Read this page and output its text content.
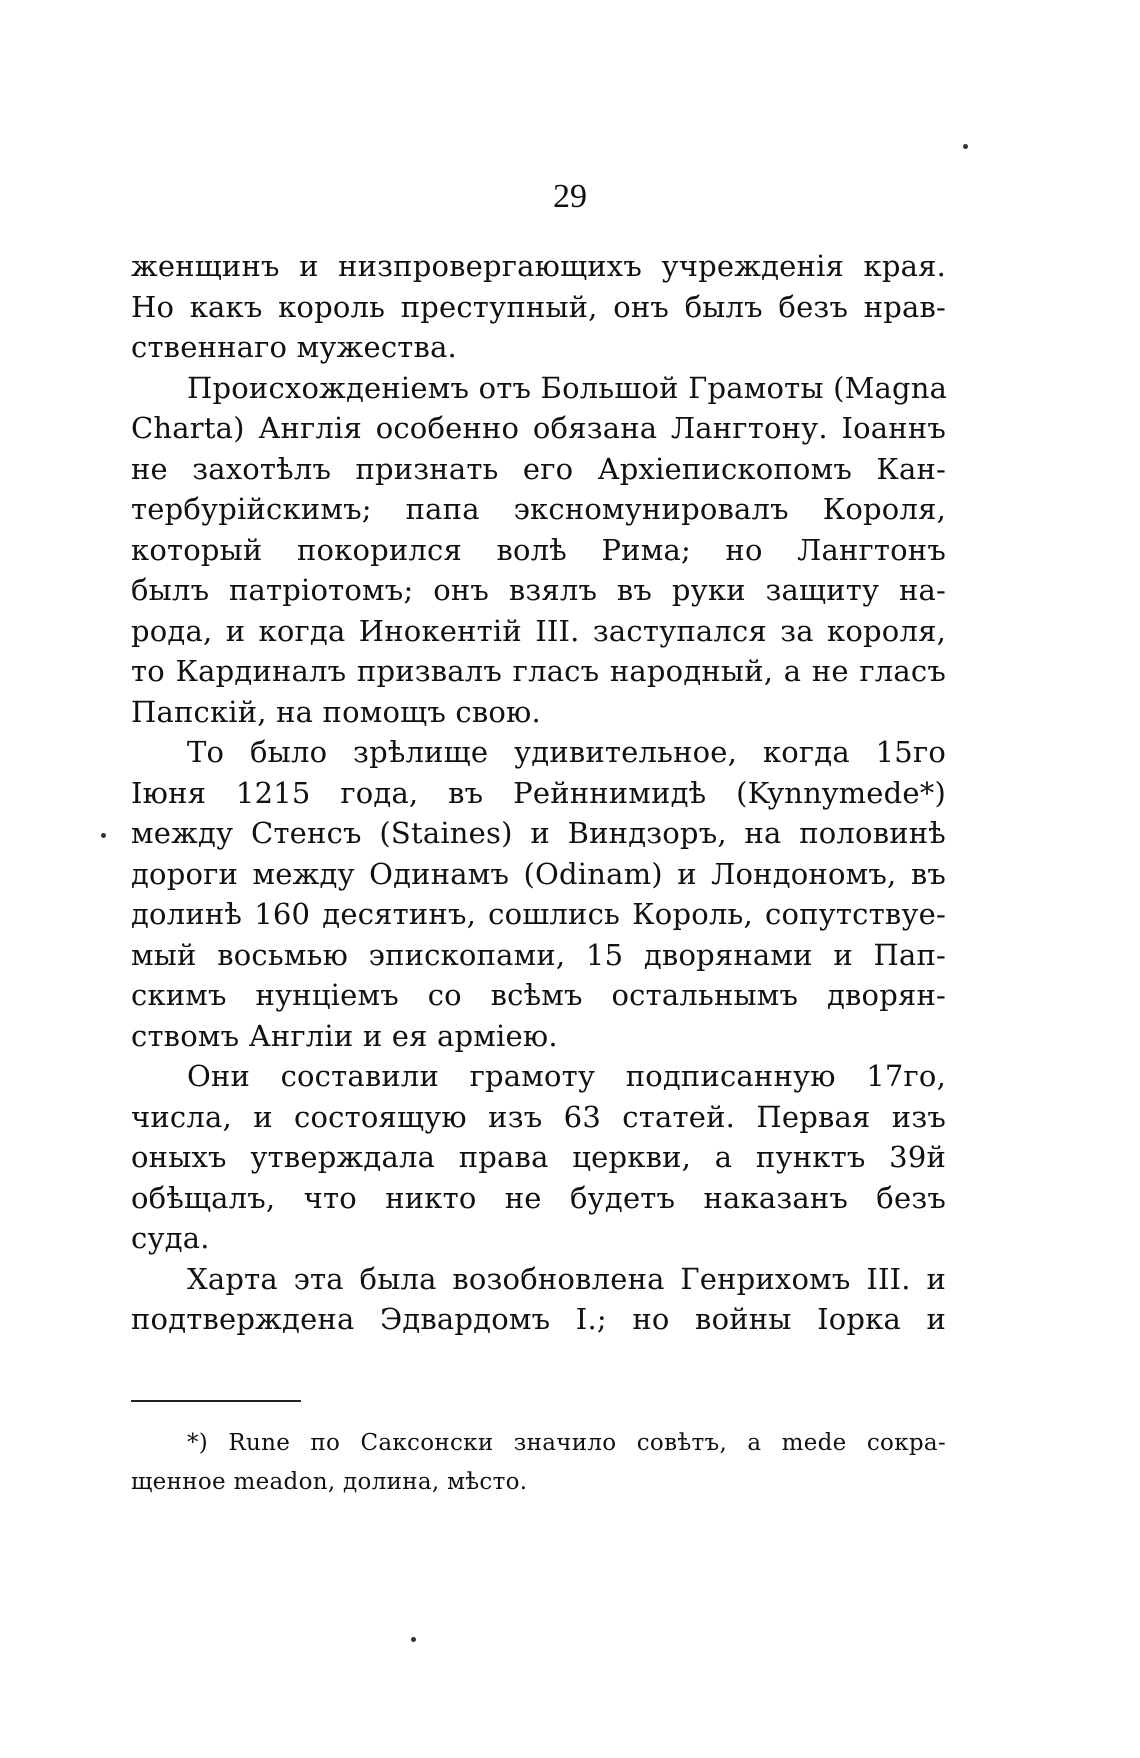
29

женщинъ и низпровергающихъ учрежденія края.
Но какъ король преступный, онъ былъ безъ нрав-
ственнаго мужества.

Происхожденіемъ отъ Большой Грамоты (Magna
Charta) Англія особенно обязана Лангтону. Іоаннъ
не захотѣлъ признать его Архіепископомъ Кан-
тербурійскимъ; папа эксномунировалъ Короля,
который покорился волѣ Рима; но Лангтонъ
былъ патріотомъ; онъ взялъ въ руки защиту на-
рода, и когда Инокентій III. заступался за короля,
то Кардиналъ призвалъ гласъ народный, а не гласъ
Папскій, на помощъ свою.

То было зрѣлище удивительное, когда 15го
Іюня 1215 года, въ Рейннимидѣ (Kynnymede*)
между Стенсъ (Staines) и Виндзоръ, на половинѣ
дороги между Одинамъ (Odinam) и Лондономъ, въ
долинѣ 160 десятинъ, сошлись Король, сопутствуе-
мый восьмью эпископами, 15 дворянами и Пап-
скимъ нунціемъ со всѣмъ остальнымъ дворян-
ствомъ Англіи и ея арміею.

Они составили грамоту подписанную 17го,
числа, и состоящую изъ 63 статей. Первая изъ
оныхъ утверждала права церкви, а пунктъ 39й
обѣщалъ, что никто не будетъ наказанъ безъ
суда.

Харта эта была возобновлена Генрихомъ III. и
подтверждена Эдвардомъ I.; но войны Іорка и

*) Rune по Саксонски значило совѣтъ, а mede сокра-
щенное meadon, долина, мѣсто.
